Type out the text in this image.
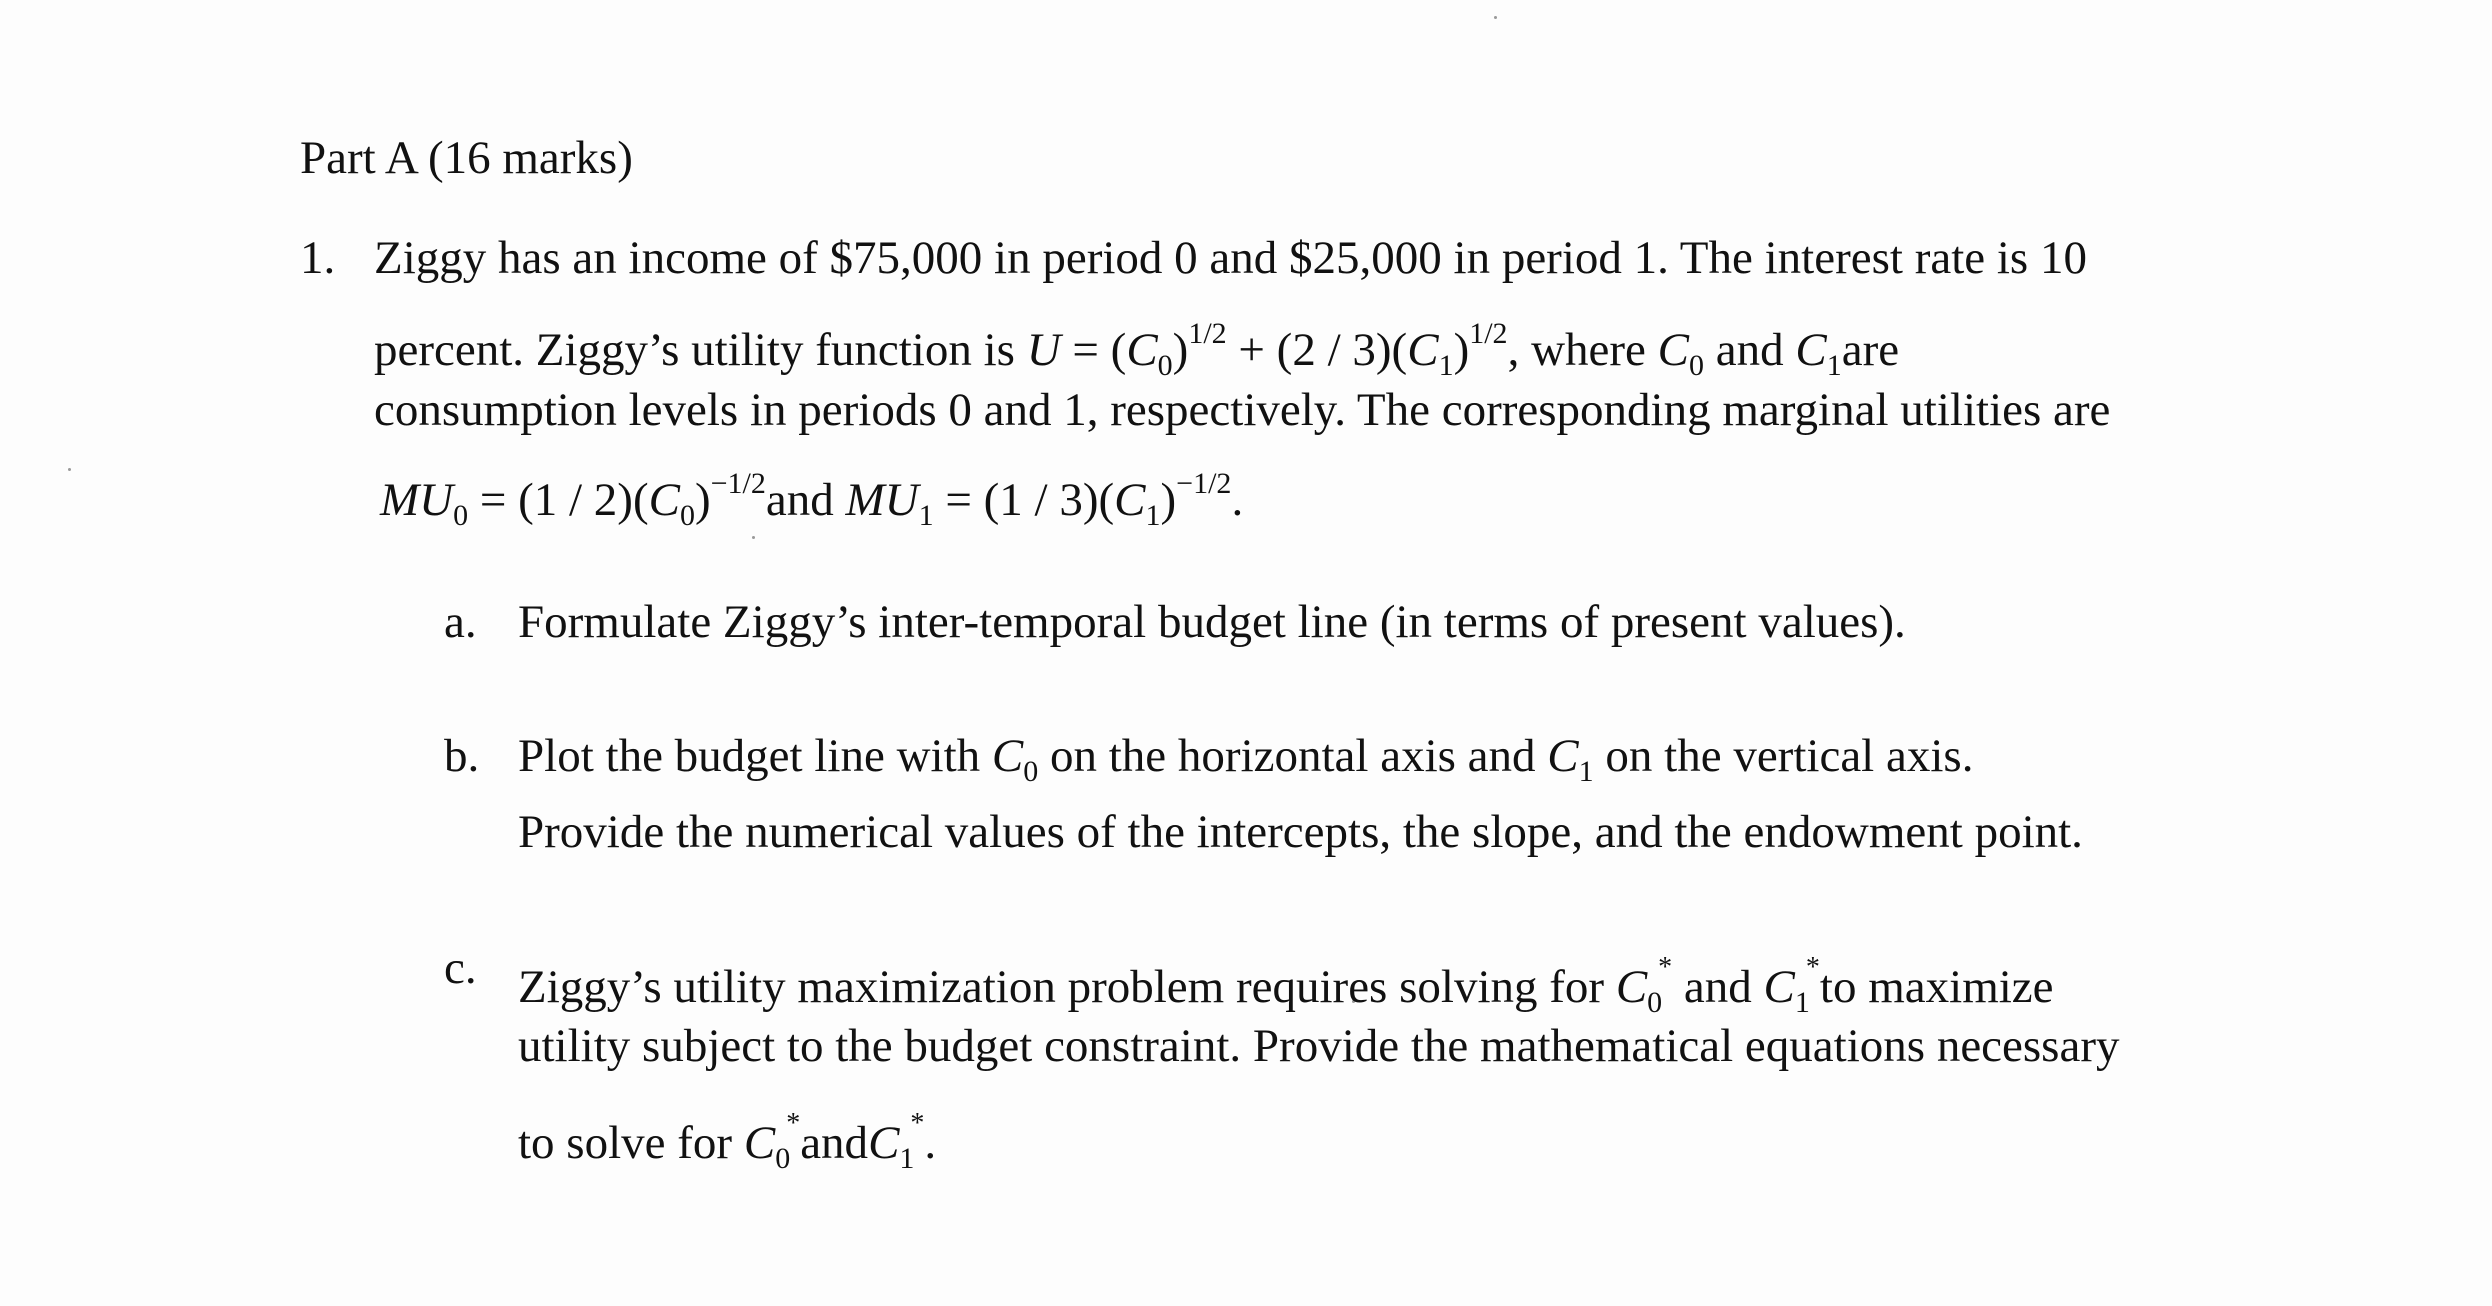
Part A (16 marks)
1. Ziggy has an income of $75,000 in period 0 and $25,000 in period 1. The interest rate is 10
percent. Ziggy’s utility function is $U = (C_0)^{1/2} + (2 / 3)(C_1)^{1/2}$, where $C_0$ and $C_1are$
consumption levels in periods 0 and 1, respectively. The corresponding marginal utilities are
$MU_0 = (1 / 2)(C_0)^{-1/2}and$ $MU_1 = (1 / 3)(C_1)^{-1/2}$.
a. Formulate Ziggy’s inter-temporal budget line (in terms of present values).
b. Plot the budget line with $C_0$ on the horizontal axis and $C_1$ on the vertical axis.
Provide the numerical values of the intercepts, the slope, and the endowment point.
c. Ziggy’s utility maximization problem requires solving for $C_0^*$ and $C_1^*to$ maximize
utility subject to the budget constraint. Provide the mathematical equations necessary
to solve for $C_0^*andC_1^*$.
